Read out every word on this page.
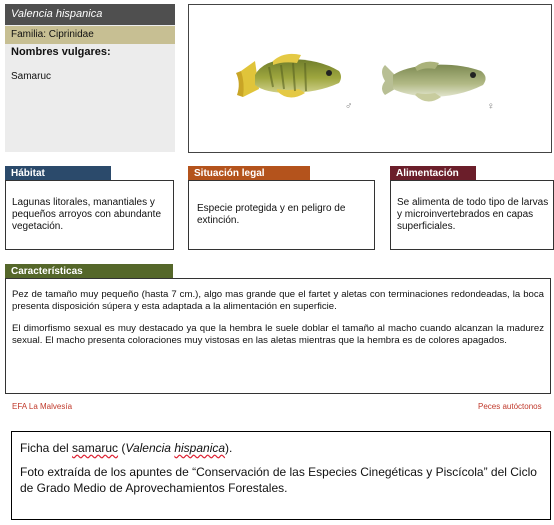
Valencia hispanica
Familia: Ciprinidae
Nombres vulgares:
Samaruc
♂	♀
Hábitat
Lagunas litorales, manantiales y pequeños arroyos con abundante vegetación.
Situación legal
Especie protegida y en peligro de extinción.
Alimentación
Se alimenta de todo tipo de larvas y microinvertebrados en capas superficiales.
Características

Pez de tamaño muy pequeño (hasta 7 cm.), algo mas grande que el fartet y aletas con terminaciones redondeadas, la boca presenta disposición súpera y esta adaptada a la alimentación en superficie.

El dimorfismo sexual es muy destacado ya que la hembra le suele doblar el tamaño al macho cuando alcanzan la madurez sexual. El macho presenta coloraciones muy vistosas en las aletas mientras que la hembra es de colores apagados.

EFA La Malvesía	Peces autóctonos

Ficha del samaruc (Valencia hispanica).

Foto extraída de los apuntes de “Conservación de las Especies Cinegéticas y Piscícola” del Ciclo de Grado Medio de Aprovechamientos Forestales.
